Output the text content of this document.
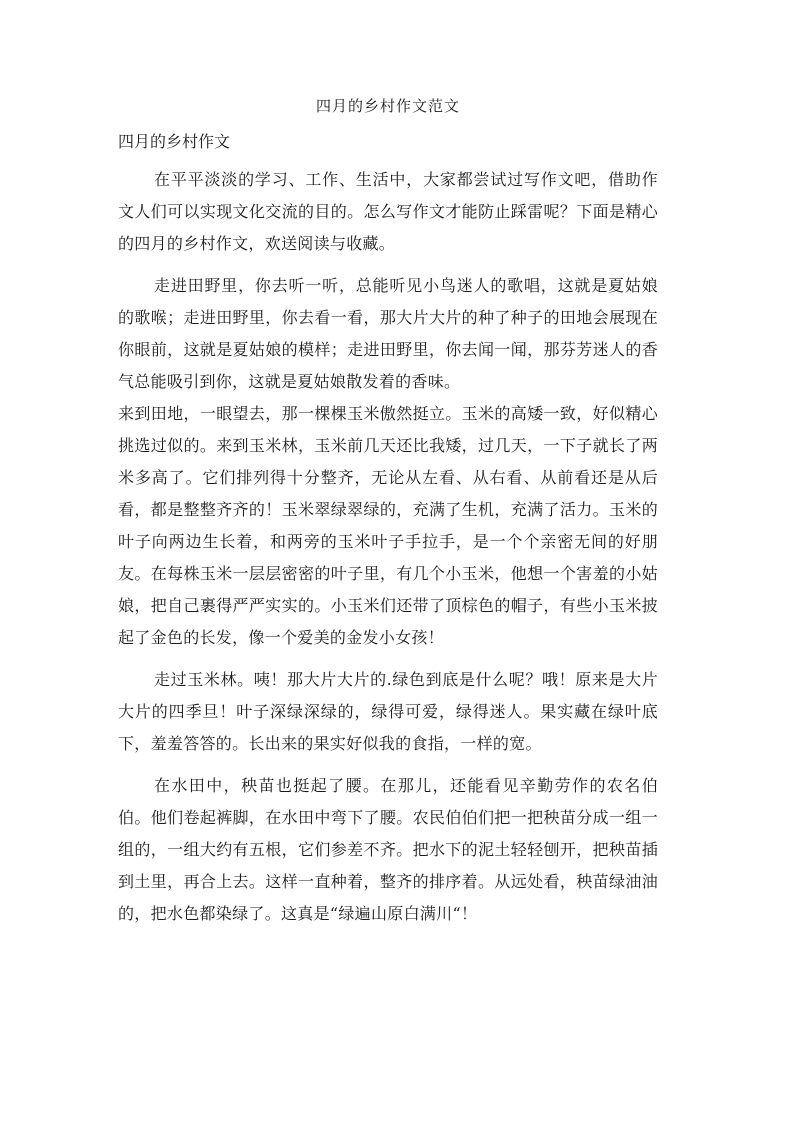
四月的乡村作文范文
四月的乡村作文

在平平淡淡的学习、工作、生活中，大家都尝试过写作文吧，借助作文人们可以实现文化交流的目的。怎么写作文才能防止踩雷呢？下面是精心的四月的乡村作文，欢送阅读与收藏。

走进田野里，你去听一听，总能听见小鸟迷人的歌唱，这就是夏姑娘的歌喉；走进田野里，你去看一看，那大片大片的种了种子的田地会展现在你眼前，这就是夏姑娘的模样；走进田野里，你去闻一闻，那芬芳迷人的香气总能吸引到你，这就是夏姑娘散发着的香味。

来到田地，一眼望去，那一棵棵玉米傲然挺立。玉米的高矮一致，好似精心挑选过似的。来到玉米林，玉米前几天还比我矮，过几天，一下子就长了两米多高了。它们排列得十分整齐，无论从左看、从右看、从前看还是从后看，都是整整齐齐的！玉米翠绿翠绿的，充满了生机，充满了活力。玉米的叶子向两边生长着，和两旁的玉米叶子手拉手，是一个个亲密无间的好朋友。在每株玉米一层层密密的叶子里，有几个小玉米，他想一个害羞的小姑娘，把自己裹得严严实实的。小玉米们还带了顶棕色的帽子，有些小玉米披起了金色的长发，像一个爱美的金发小女孩！

走过玉米林。咦！那大片大片的.绿色到底是什么呢？哦！原来是大片大片的四季旦！叶子深绿深绿的，绿得可爱，绿得迷人。果实藏在绿叶底下，羞羞答答的。长出来的果实好似我的食指，一样的宽。

在水田中，秧苗也挺起了腰。在那儿，还能看见辛勤劳作的农名伯伯。他们卷起裤脚，在水田中弯下了腰。农民伯伯们把一把秧苗分成一组一组的，一组大约有五根，它们参差不齐。把水下的泥土轻轻刨开，把秧苗插到土里，再合上去。这样一直种着，整齐的排序着。从远处看，秧苗绿油油的，把水色都染绿了。这真是“绿遍山原白满川“！
